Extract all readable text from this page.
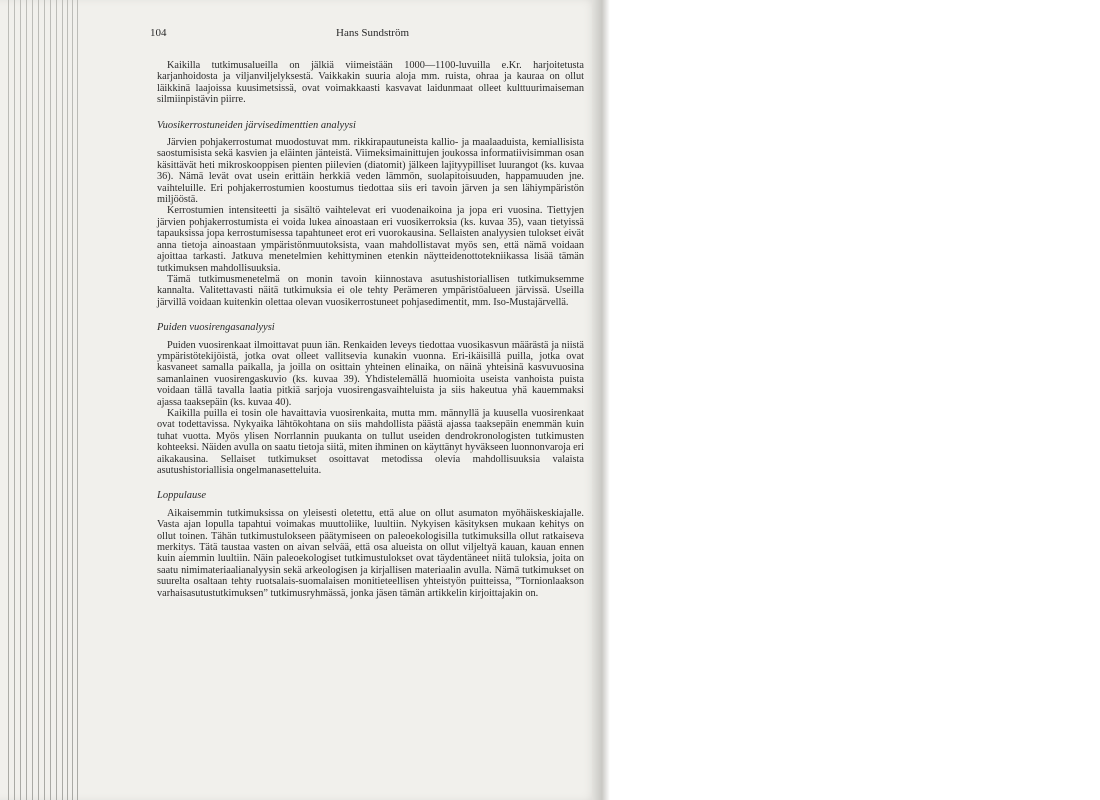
104	Hans Sundström

Kaikilla tutkimusalueilla on jälkiä viimeistään 1000—1100-luvuilla e.Kr. harjoitetusta karjanhoidosta ja viljanviljelyksestä. Vaikkakin suuria aloja mm. ruista, ohraa ja kauraa on ollut läikkinä laajoissa kuusimetsissä, ovat voimakkaasti kasvavat laidunmaat olleet kulttuurimaiseman silmiinpistävin piirre.

Vuosikerrostuneiden järvisedimenttien analyysi

Järvien pohjakerrostumat muodostuvat mm. rikkirapautuneista kallio- ja maalaaduista, kemiallisista saostumisista sekä kasvien ja eläinten jänteistä. Viimeksimainittujen joukossa informatiivisimman osan käsittävät heti mikroskooppisen pienten piilevien (diatomit) jälkeen lajityypilliset luurangot (ks. kuvaa 36). Nämä levät ovat usein erittäin herkkiä veden lämmön, suolapitoisuuden, happamuuden jne. vaihteluille. Eri pohjakerrostumien koostumus tiedottaa siis eri tavoin järven ja sen lähiympäristön miljööstä.

Kerrostumien intensiteetti ja sisältö vaihtelevat eri vuodenaikoina ja jopa eri vuosina. Tiettyjen järvien pohjakerrostumista ei voida lukea ainoastaan eri vuosikerroksia (ks. kuvaa 35), vaan tietyissä tapauksissa jopa kerrostumisessa tapahtuneet erot eri vuorokausina. Sellaisten analyysien tulokset eivät anna tietoja ainoastaan ympäristönmuutoksista, vaan mahdollistavat myös sen, että nämä voidaan ajoittaa tarkasti. Jatkuva menetelmien kehittyminen etenkin näytteidenottotekniikassa lisää tämän tutkimuksen mahdollisuuksia.

Tämä tutkimusmenetelmä on monin tavoin kiinnostava asutushistoriallisen tutkimuksemme kannalta. Valitettavasti näitä tutkimuksia ei ole tehty Perämeren ympäristöalueen järvissä. Useilla järvillä voidaan kuitenkin olettaa olevan vuosikerrostuneet pohjasedimentit, mm. Iso-Mustajärvellä.

Puiden vuosirengasanalyysi

Puiden vuosirenkaat ilmoittavat puun iän. Renkaiden leveys tiedottaa vuosikasvun määrästä ja niistä ympäristötekijöistä, jotka ovat olleet vallitsevia kunakin vuonna. Eri-ikäisillä puilla, jotka ovat kasvaneet samalla paikalla, ja joilla on osittain yhteinen elinaika, on näinä yhteisinä kasvuvuosina samanlainen vuosirengaskuvio (ks. kuvaa 39). Yhdistelemällä huomioita useista vanhoista puista voidaan tällä tavalla laatia pitkiä sarjoja vuosirengasvaihteluista ja siis hakeutua yhä kauemmaksi ajassa taaksepäin (ks. kuvaa 40).

Kaikilla puilla ei tosin ole havaittavia vuosirenkaita, mutta mm. männyllä ja kuusella vuosirenkaat ovat todettavissa. Nykyaika lähtökohtana on siis mahdollista päästä ajassa taaksepäin enemmän kuin tuhat vuotta. Myös ylisen Norrlannin puukanta on tullut useiden dendrokronologisten tutkimusten kohteeksi. Näiden avulla on saatu tietoja siitä, miten ihminen on käyttänyt hyväkseen luonnonvaroja eri aikakausina. Sellaiset tutkimukset osoittavat metodissa olevia mahdollisuuksia valaista asutushistoriallisia ongelmanasetteluita.

Loppulause

Aikaisemmin tutkimuksissa on yleisesti oletettu, että alue on ollut asumaton myöhäiskeskiajalle. Vasta ajan lopulla tapahtui voimakas muuttoliike, luultiin. Nykyisen käsityksen mukaan kehitys on ollut toinen. Tähän tutkimustulokseen päätymiseen on paleoekologisilla tutkimuksilla ollut ratkaiseva merkitys. Tätä taustaa vasten on aivan selvää, että osa alueista on ollut viljeltyä kauan, kauan ennen kuin aiemmin luultiin. Näin paleoekologiset tutkimustulokset ovat täydentäneet niitä tuloksia, joita on saatu nimimateriaalianalyysin sekä arkeologisen ja kirjallisen materiaalin avulla. Nämä tutkimukset on suurelta osaltaan tehty ruotsalais-suomalaisen monitieteellisen yhteistyön puitteissa, ”Tornionlaakson varhaisasutustutkimuksen” tutkimusryhmässä, jonka jäsen tämän artikkelin kirjoittajakin on.
